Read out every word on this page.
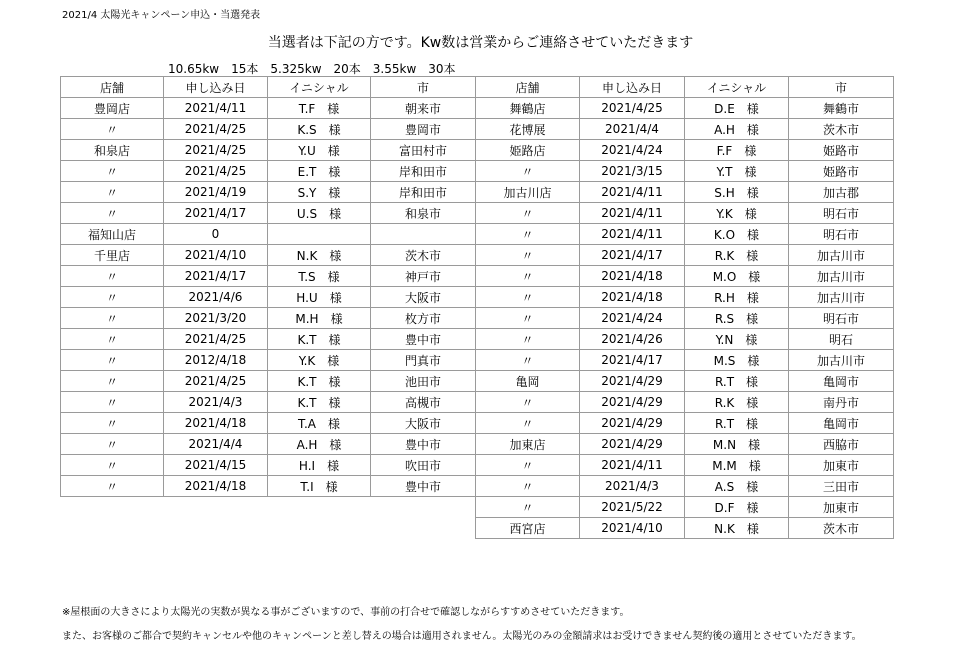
2021/4 太陽光キャンペーン申込・当選発表
当選者は下記の方です。Kw数は営業からご連絡させていただきます
10.65kw　15本　5.325kw　20本　3.55kw　30本
店舗	申し込み日	イニシャル	市
豊岡店	2021/4/11	T.F　様	朝来市
〃	2021/4/25	K.S　様	豊岡市
和泉店	2021/4/25	Y.U　様	富田村市
〃	2021/4/25	E.T　様	岸和田市
〃	2021/4/19	S.Y　様	岸和田市
〃	2021/4/17	U.S　様	和泉市
福知山店	0		
千里店	2021/4/10	N.K　様	茨木市
〃	2021/4/17	T.S　様	神戸市
〃	2021/4/6	H.U　様	大阪市
〃	2021/3/20	M.H　様	枚方市
〃	2021/4/25	K.T　様	豊中市
〃	2012/4/18	Y.K　様	門真市
〃	2021/4/25	K.T　様	池田市
〃	2021/4/3	K.T　様	高槻市
〃	2021/4/18	T.A　様	大阪市
〃	2021/4/4	A.H　様	豊中市
〃	2021/4/15	H.I　様	吹田市
〃	2021/4/18	T.I　様	豊中市
店舗	申し込み日	イニシャル	市
舞鶴店	2021/4/25	D.E　様	舞鶴市
花博展	2021/4/4	A.H　様	茨木市
姫路店	2021/4/24	F.F　様	姫路市
〃	2021/3/15	Y.T　様	姫路市
加古川店	2021/4/11	S.H　様	加古郡
〃	2021/4/11	Y.K　様	明石市
〃	2021/4/11	K.O　様	明石市
〃	2021/4/17	R.K　様	加古川市
〃	2021/4/18	M.O　様	加古川市
〃	2021/4/18	R.H　様	加古川市
〃	2021/4/24	R.S　様	明石市
〃	2021/4/26	Y.N　様	明石
〃	2021/4/17	M.S　様	加古川市
亀岡	2021/4/29	R.T　様	亀岡市
〃	2021/4/29	R.K　様	南丹市
〃	2021/4/29	R.T　様	亀岡市
加東店	2021/4/29	M.N　様	西脇市
〃	2021/4/11	M.M　様	加東市
〃	2021/4/3	A.S　様	三田市
〃	2021/5/22	D.F　様	加東市
西宮店	2021/4/10	N.K　様	茨木市
※屋根面の大きさにより太陽光の実数が異なる事がございますので、事前の打合せで確認しながらすすめさせていただきます。
また、お客様のご都合で契約キャンセルや他のキャンペーンと差し替えの場合は適用されません。太陽光のみの金額請求はお受けできません契約後の適用とさせていただきます。
